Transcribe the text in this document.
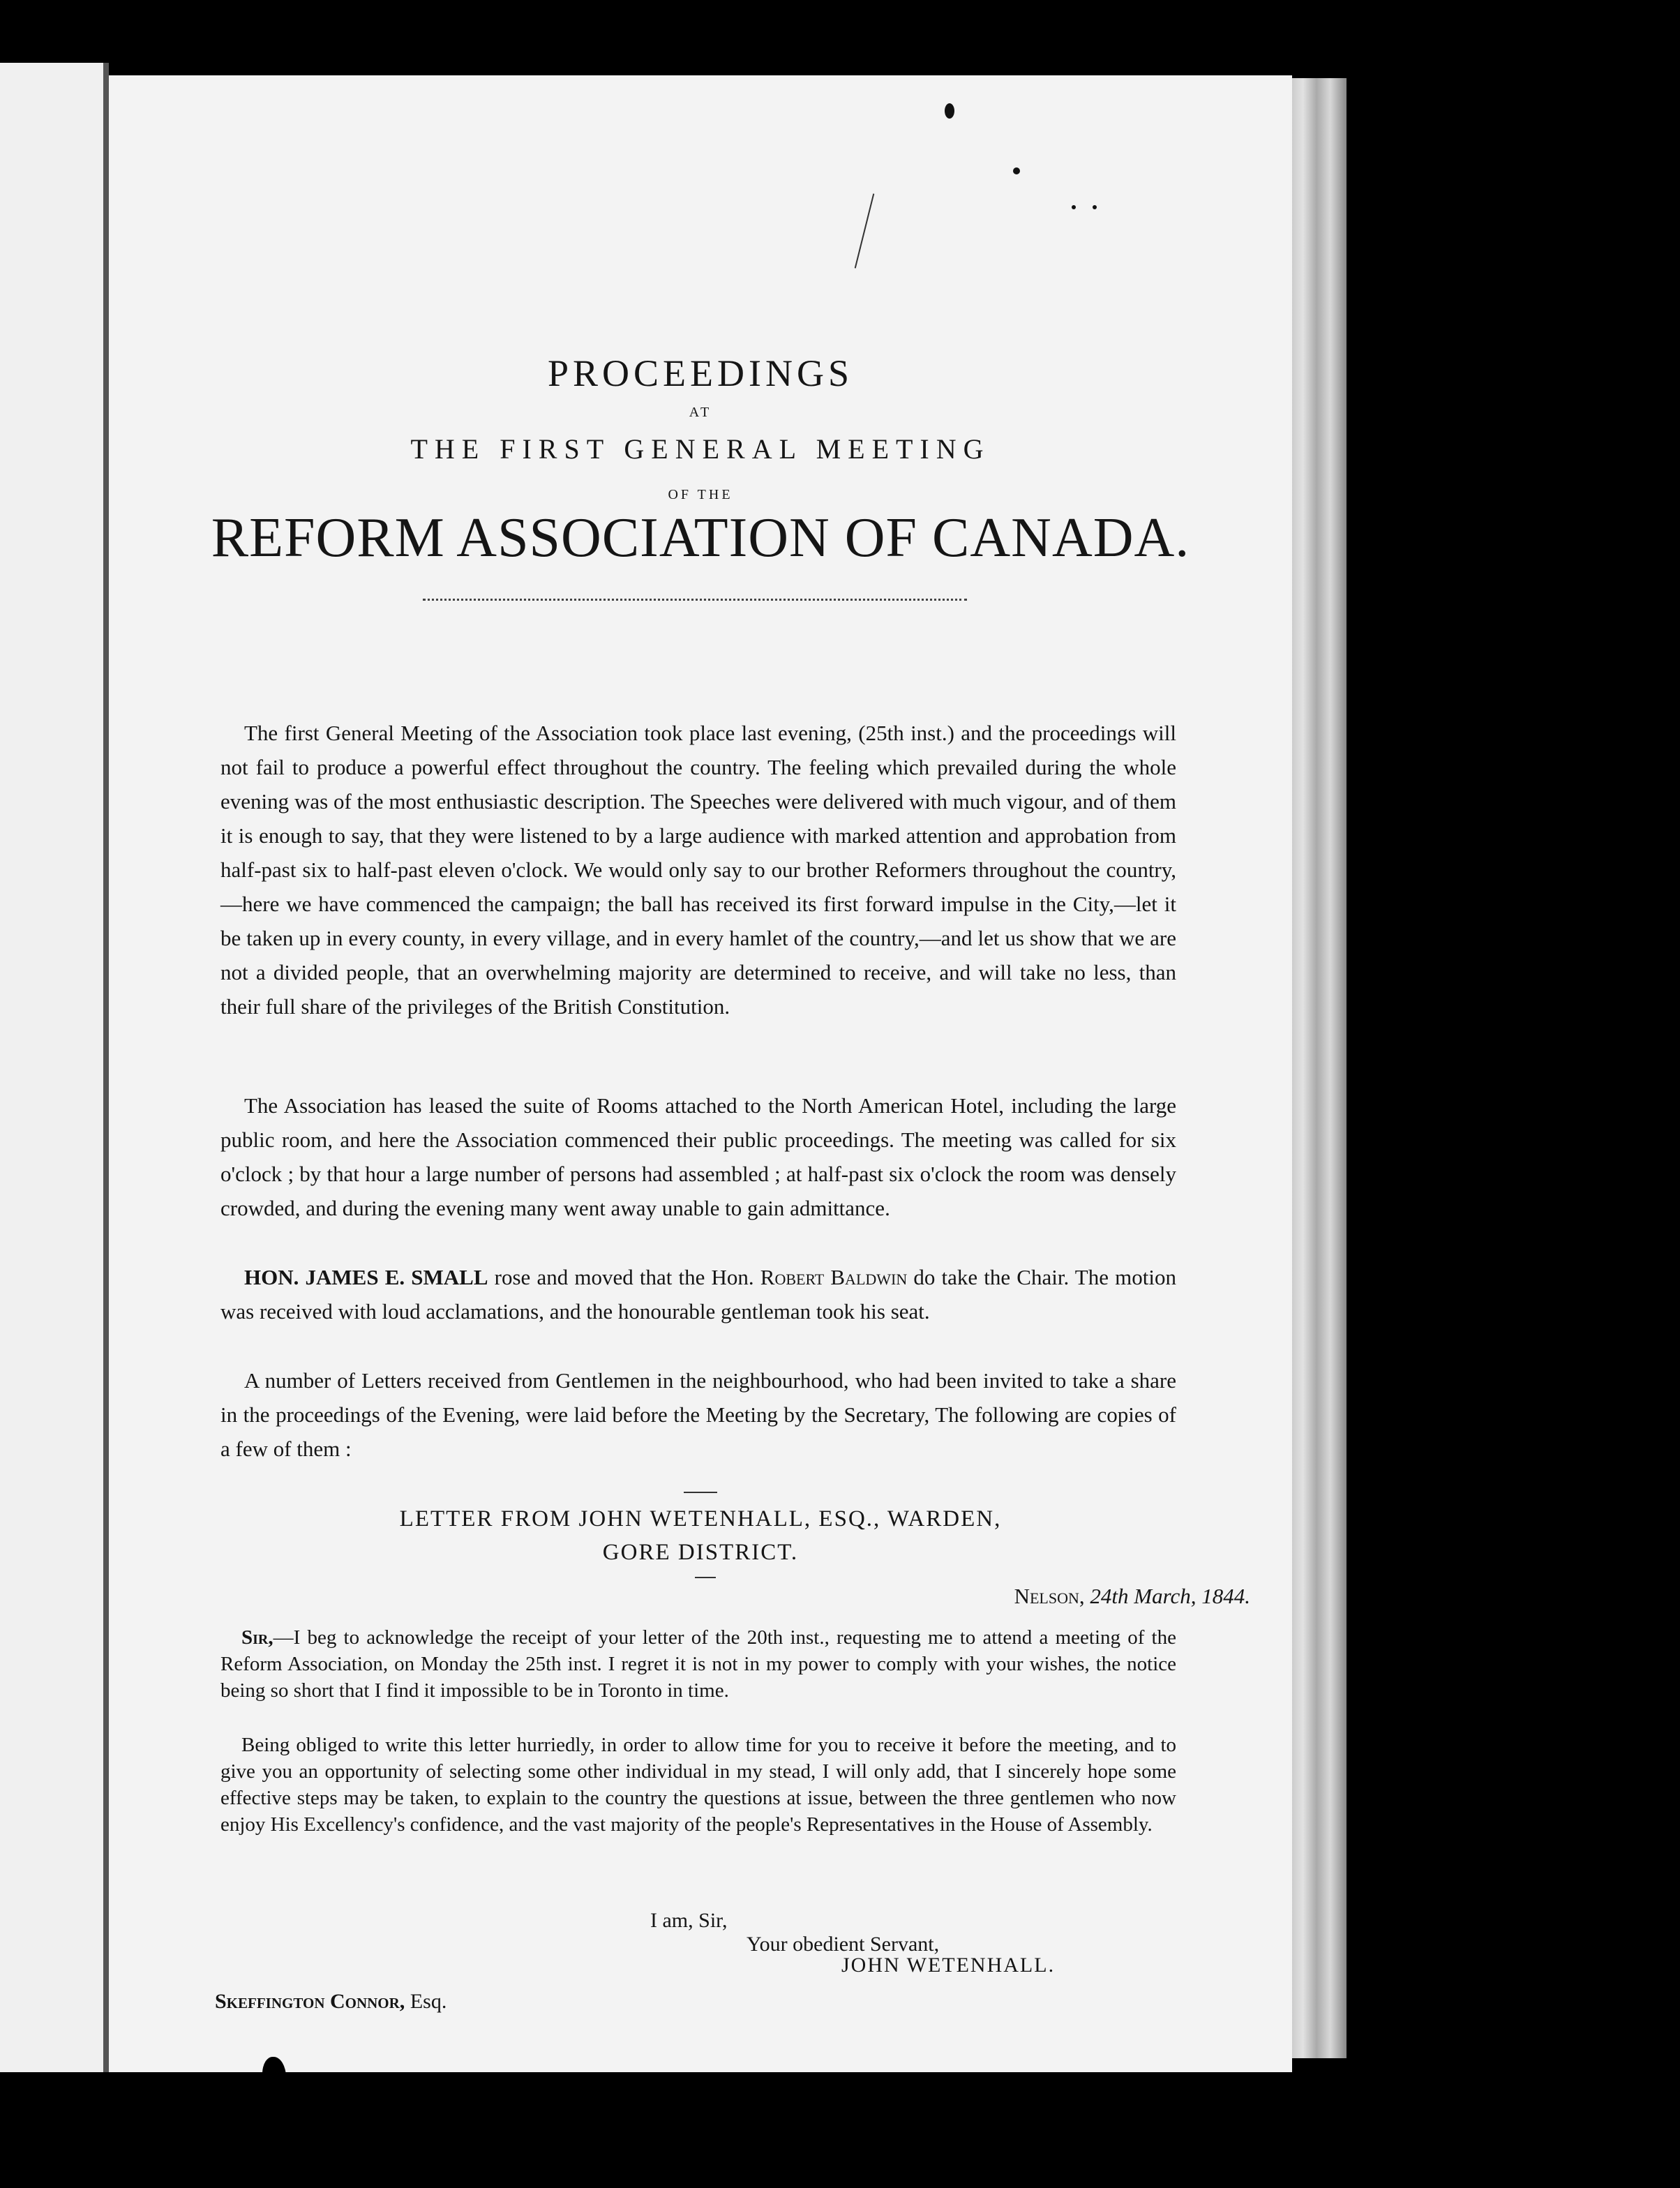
PROCEEDINGS
AT
THE FIRST GENERAL MEETING
OF THE
REFORM ASSOCIATION OF CANADA.

The first General Meeting of the Association took place last evening, (25th inst.) and the proceedings will not fail to produce a powerful effect throughout the country. The feeling which prevailed during the whole evening was of the most enthusiastic description. The Speeches were delivered with much vigour, and of them it is enough to say, that they were listened to by a large audience with marked attention and approbation from half-past six to half-past eleven o'clock. We would only say to our brother Reformers throughout the country,—here we have commenced the campaign; the ball has received its first forward impulse in the City,—let it be taken up in every county, in every village, and in every hamlet of the country,—and let us show that we are not a divided people, that an overwhelming majority are determined to receive, and will take no less, than their full share of the privileges of the British Constitution.

The Association has leased the suite of Rooms attached to the North American Hotel, including the large public room, and here the Association commenced their public proceedings. The meeting was called for six o'clock ; by that hour a large number of persons had assembled ; at half-past six o'clock the room was densely crowded, and during the evening many went away unable to gain admittance.

HON. JAMES E. SMALL rose and moved that the Hon. Robert Baldwin do take the Chair. The motion was received with loud acclamations, and the honourable gentleman took his seat.

A number of Letters received from Gentlemen in the neighbourhood, who had been invited to take a share in the proceedings of the Evening, were laid before the Meeting by the Secretary, The following are copies of a few of them :

LETTER FROM JOHN WETENHALL, ESQ., WARDEN,
GORE DISTRICT.
Nelson, 24th March, 1844.

Sir,—I beg to acknowledge the receipt of your letter of the 20th inst., requesting me to attend a meeting of the Reform Association, on Monday the 25th inst. I regret it is not in my power to comply with your wishes, the notice being so short that I find it impossible to be in Toronto in time.

Being obliged to write this letter hurriedly, in order to allow time for you to receive it before the meeting, and to give you an opportunity of selecting some other individual in my stead, I will only add, that I sincerely hope some effective steps may be taken, to explain to the country the questions at issue, between the three gentlemen who now enjoy His Excellency's confidence, and the vast majority of the people's Representatives in the House of Assembly.

I am, Sir,
Your obedient Servant,
JOHN WETENHALL.
Skeffington Connor, Esq.
